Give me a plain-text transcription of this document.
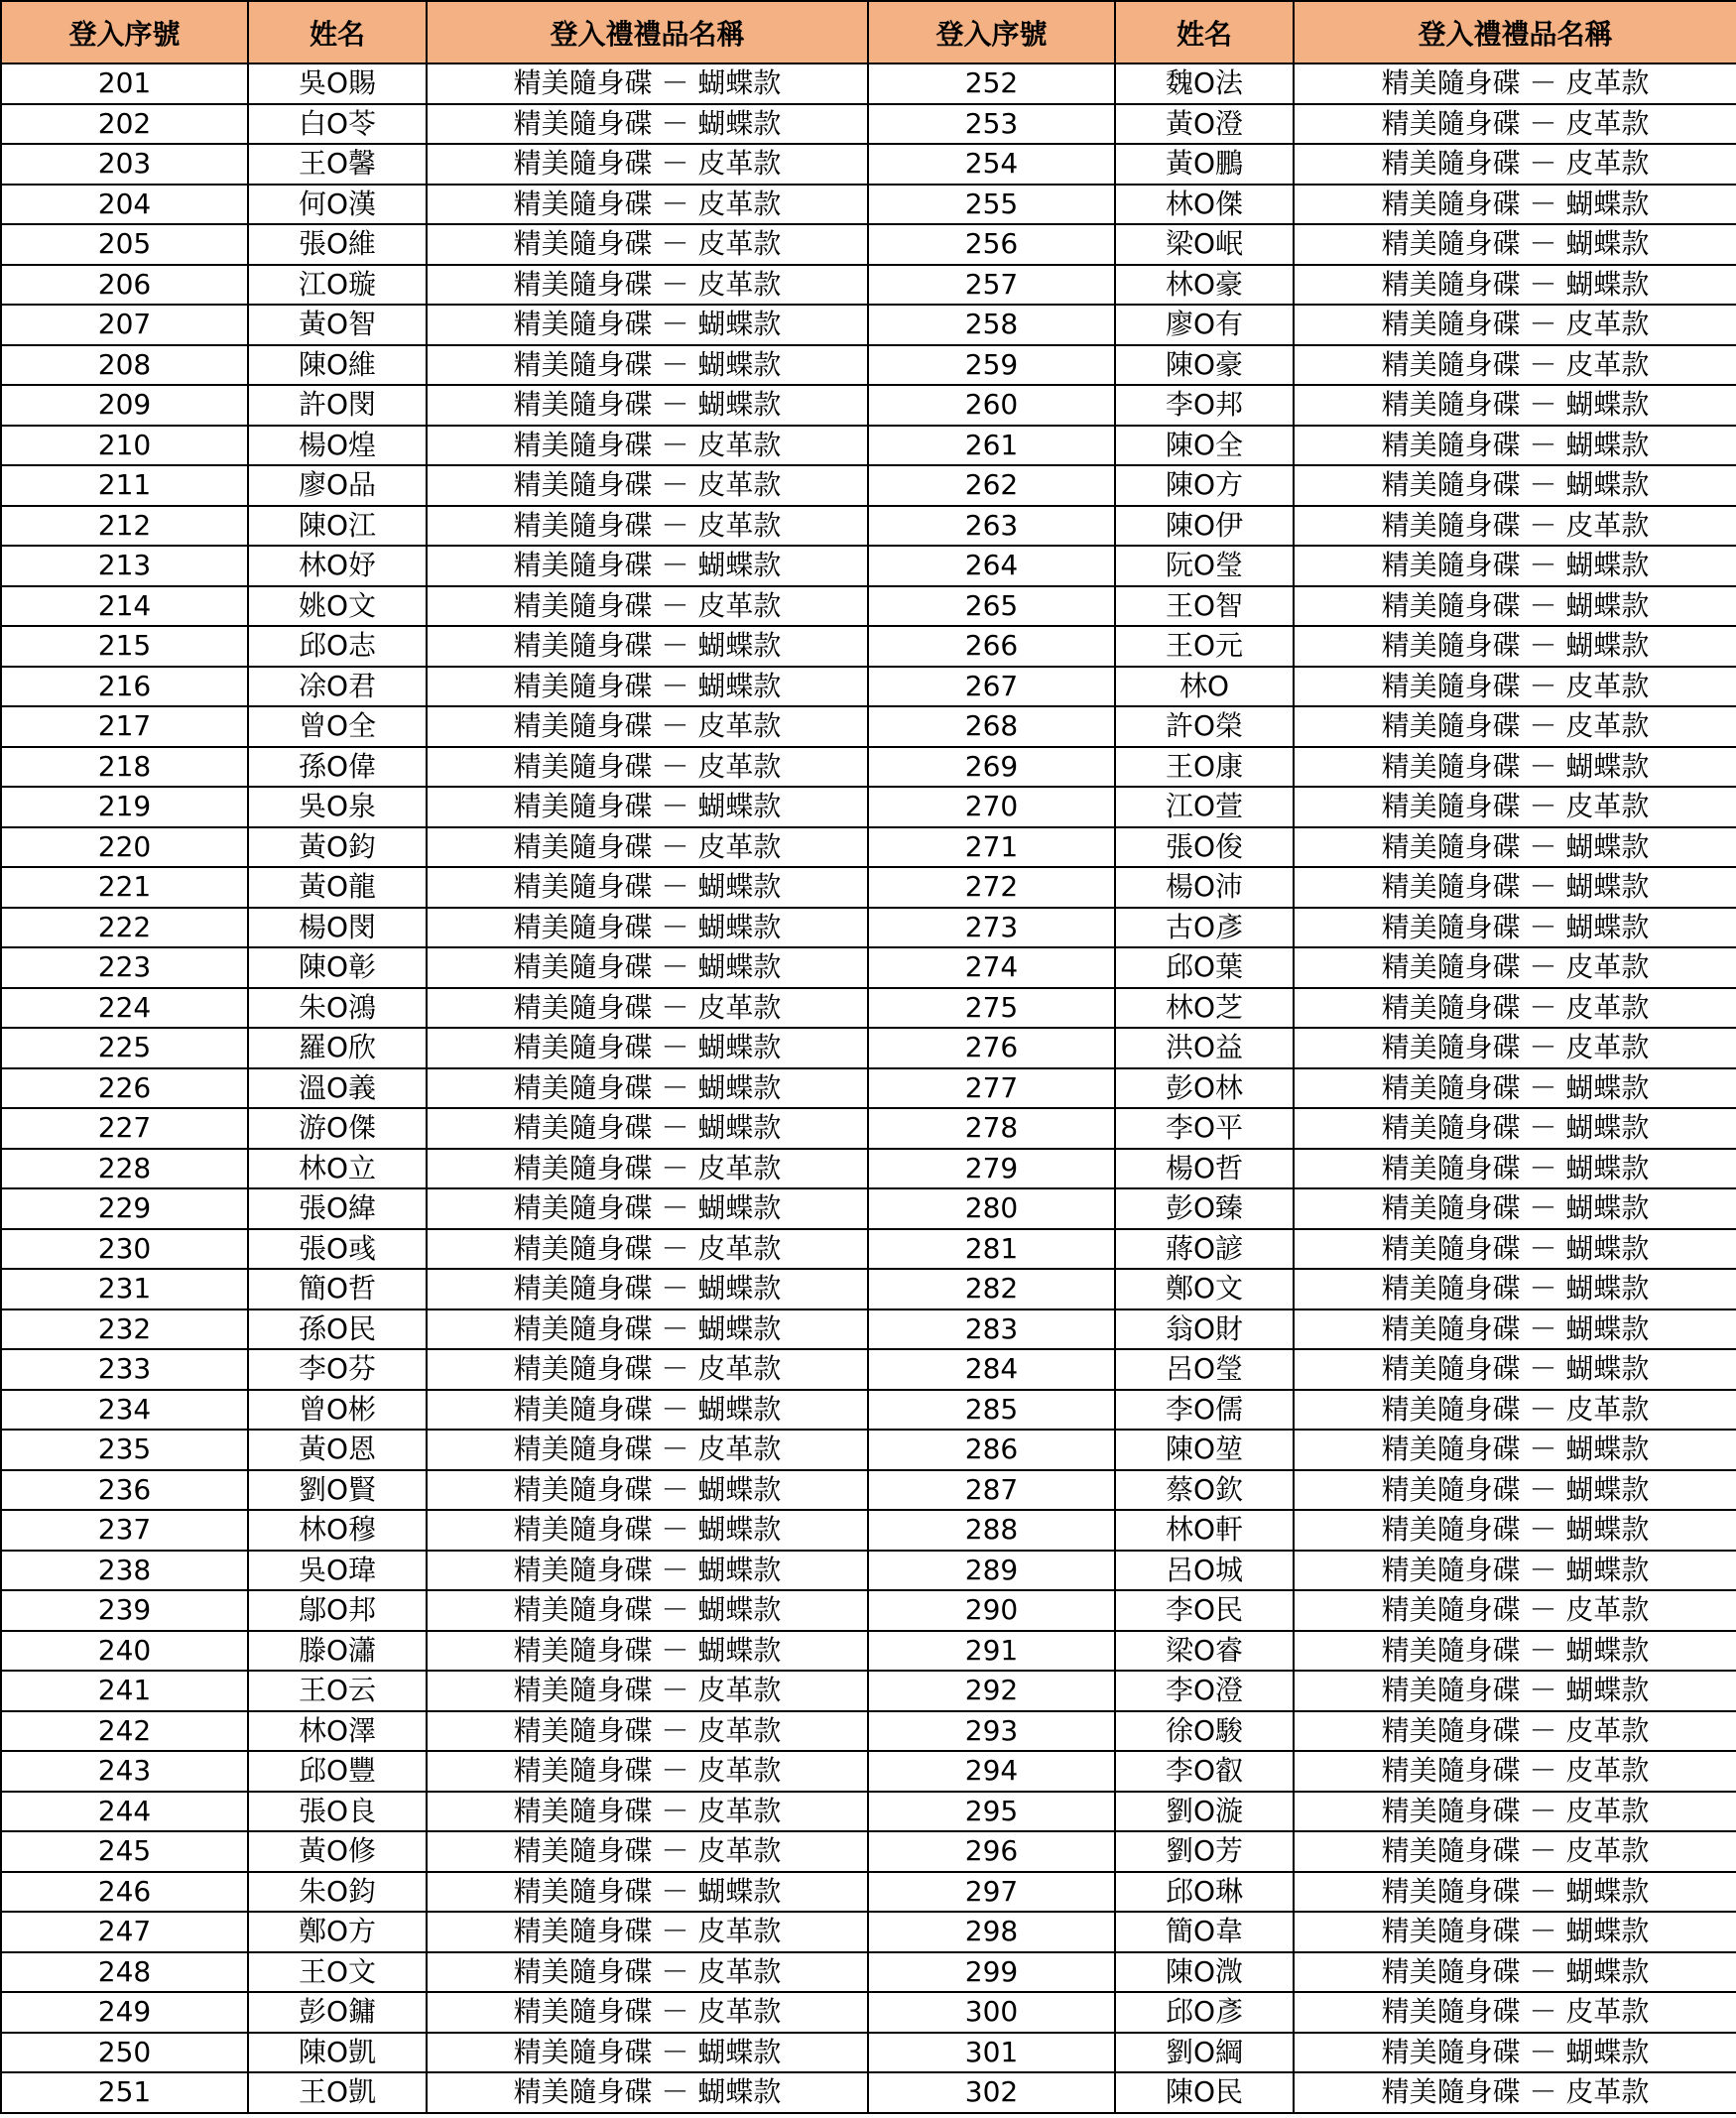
登入序號	姓名	登入禮禮品名稱	登入序號	姓名	登入禮禮品名稱
201	吳O賜	精美隨身碟 － 蝴蝶款	252	魏O法	精美隨身碟 － 皮革款
202	白O苓	精美隨身碟 － 蝴蝶款	253	黃O澄	精美隨身碟 － 皮革款
203	王O馨	精美隨身碟 － 皮革款	254	黃O鵬	精美隨身碟 － 皮革款
204	何O漢	精美隨身碟 － 皮革款	255	林O傑	精美隨身碟 － 蝴蝶款
205	張O維	精美隨身碟 － 皮革款	256	梁O岷	精美隨身碟 － 蝴蝶款
206	江O璇	精美隨身碟 － 皮革款	257	林O豪	精美隨身碟 － 蝴蝶款
207	黃O智	精美隨身碟 － 蝴蝶款	258	廖O有	精美隨身碟 － 皮革款
208	陳O維	精美隨身碟 － 蝴蝶款	259	陳O豪	精美隨身碟 － 皮革款
209	許O閔	精美隨身碟 － 蝴蝶款	260	李O邦	精美隨身碟 － 蝴蝶款
210	楊O煌	精美隨身碟 － 皮革款	261	陳O全	精美隨身碟 － 蝴蝶款
211	廖O品	精美隨身碟 － 皮革款	262	陳O方	精美隨身碟 － 蝴蝶款
212	陳O江	精美隨身碟 － 皮革款	263	陳O伊	精美隨身碟 － 皮革款
213	林O妤	精美隨身碟 － 蝴蝶款	264	阮O瑩	精美隨身碟 － 蝴蝶款
214	姚O文	精美隨身碟 － 皮革款	265	王O智	精美隨身碟 － 蝴蝶款
215	邱O志	精美隨身碟 － 蝴蝶款	266	王O元	精美隨身碟 － 蝴蝶款
216	凃O君	精美隨身碟 － 蝴蝶款	267	林O	精美隨身碟 － 皮革款
217	曾O全	精美隨身碟 － 皮革款	268	許O榮	精美隨身碟 － 皮革款
218	孫O偉	精美隨身碟 － 皮革款	269	王O康	精美隨身碟 － 蝴蝶款
219	吳O泉	精美隨身碟 － 蝴蝶款	270	江O萱	精美隨身碟 － 皮革款
220	黃O鈞	精美隨身碟 － 皮革款	271	張O俊	精美隨身碟 － 蝴蝶款
221	黃O龍	精美隨身碟 － 蝴蝶款	272	楊O沛	精美隨身碟 － 蝴蝶款
222	楊O閔	精美隨身碟 － 蝴蝶款	273	古O彥	精美隨身碟 － 蝴蝶款
223	陳O彰	精美隨身碟 － 蝴蝶款	274	邱O葉	精美隨身碟 － 皮革款
224	朱O鴻	精美隨身碟 － 皮革款	275	林O芝	精美隨身碟 － 皮革款
225	羅O欣	精美隨身碟 － 蝴蝶款	276	洪O益	精美隨身碟 － 皮革款
226	溫O義	精美隨身碟 － 蝴蝶款	277	彭O林	精美隨身碟 － 蝴蝶款
227	游O傑	精美隨身碟 － 蝴蝶款	278	李O平	精美隨身碟 － 蝴蝶款
228	林O立	精美隨身碟 － 皮革款	279	楊O哲	精美隨身碟 － 蝴蝶款
229	張O緯	精美隨身碟 － 蝴蝶款	280	彭O臻	精美隨身碟 － 蝴蝶款
230	張O彧	精美隨身碟 － 皮革款	281	蔣O諺	精美隨身碟 － 蝴蝶款
231	簡O哲	精美隨身碟 － 蝴蝶款	282	鄭O文	精美隨身碟 － 蝴蝶款
232	孫O民	精美隨身碟 － 蝴蝶款	283	翁O財	精美隨身碟 － 蝴蝶款
233	李O芬	精美隨身碟 － 皮革款	284	呂O瑩	精美隨身碟 － 蝴蝶款
234	曾O彬	精美隨身碟 － 蝴蝶款	285	李O儒	精美隨身碟 － 皮革款
235	黃O恩	精美隨身碟 － 皮革款	286	陳O堃	精美隨身碟 － 蝴蝶款
236	劉O賢	精美隨身碟 － 蝴蝶款	287	蔡O欽	精美隨身碟 － 蝴蝶款
237	林O穆	精美隨身碟 － 蝴蝶款	288	林O軒	精美隨身碟 － 蝴蝶款
238	吳O瑋	精美隨身碟 － 蝴蝶款	289	呂O城	精美隨身碟 － 蝴蝶款
239	鄔O邦	精美隨身碟 － 蝴蝶款	290	李O民	精美隨身碟 － 皮革款
240	滕O瀟	精美隨身碟 － 蝴蝶款	291	梁O睿	精美隨身碟 － 蝴蝶款
241	王O云	精美隨身碟 － 皮革款	292	李O澄	精美隨身碟 － 蝴蝶款
242	林O澤	精美隨身碟 － 皮革款	293	徐O駿	精美隨身碟 － 皮革款
243	邱O豐	精美隨身碟 － 皮革款	294	李O叡	精美隨身碟 － 皮革款
244	張O良	精美隨身碟 － 皮革款	295	劉O漩	精美隨身碟 － 皮革款
245	黃O修	精美隨身碟 － 皮革款	296	劉O芳	精美隨身碟 － 皮革款
246	朱O鈞	精美隨身碟 － 蝴蝶款	297	邱O琳	精美隨身碟 － 蝴蝶款
247	鄭O方	精美隨身碟 － 皮革款	298	簡O韋	精美隨身碟 － 蝴蝶款
248	王O文	精美隨身碟 － 皮革款	299	陳O溦	精美隨身碟 － 蝴蝶款
249	彭O鏞	精美隨身碟 － 皮革款	300	邱O彥	精美隨身碟 － 皮革款
250	陳O凱	精美隨身碟 － 蝴蝶款	301	劉O綱	精美隨身碟 － 蝴蝶款
251	王O凱	精美隨身碟 － 蝴蝶款	302	陳O民	精美隨身碟 － 皮革款
